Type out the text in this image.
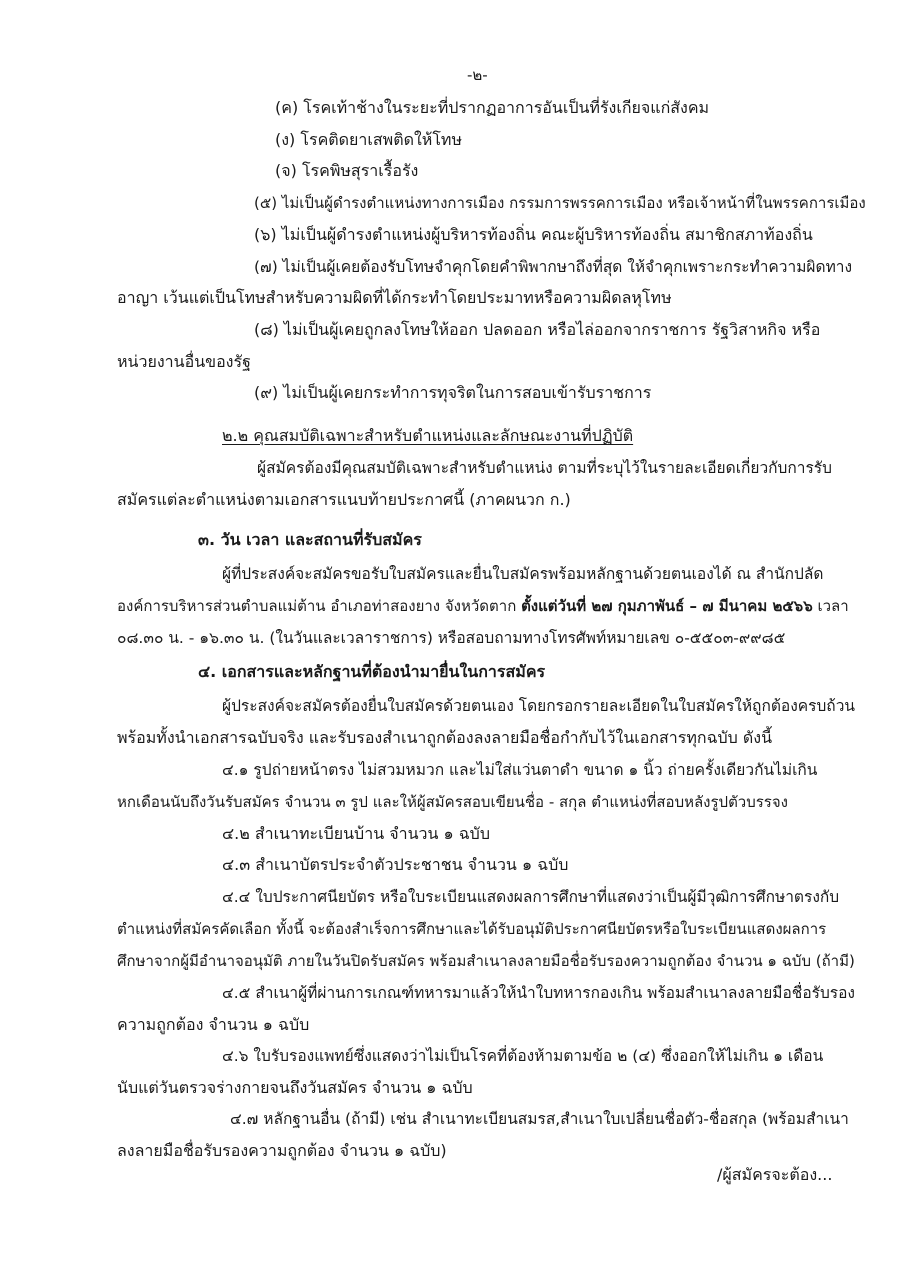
-๒-
(ค) โรคเท้าช้างในระยะที่ปรากฏอาการอันเป็นที่รังเกียจแก่สังคม
(ง) โรคติดยาเสพติดให้โทษ
(จ) โรคพิษสุราเรื้อรัง
(๕) ไม่เป็นผู้ดำรงตำแหน่งทางการเมือง กรรมการพรรคการเมือง หรือเจ้าหน้าที่ในพรรคการเมือง
(๖) ไม่เป็นผู้ดำรงตำแหน่งผู้บริหารท้องถิ่น คณะผู้บริหารท้องถิ่น สมาชิกสภาท้องถิ่น
(๗) ไม่เป็นผู้เคยต้องรับโทษจำคุกโดยคำพิพากษาถึงที่สุด ให้จำคุกเพราะกระทำความผิดทาง
อาญา เว้นแต่เป็นโทษสำหรับความผิดที่ได้กระทำโดยประมาทหรือความผิดลหุโทษ
(๘) ไม่เป็นผู้เคยถูกลงโทษให้ออก ปลดออก หรือไล่ออกจากราชการ รัฐวิสาหกิจ หรือ
หน่วยงานอื่นของรัฐ
(๙) ไม่เป็นผู้เคยกระทำการทุจริตในการสอบเข้ารับราชการ
๒.๒ คุณสมบัติเฉพาะสำหรับตำแหน่งและลักษณะงานที่ปฏิบัติ
ผู้สมัครต้องมีคุณสมบัติเฉพาะสำหรับตำแหน่ง ตามที่ระบุไว้ในรายละเอียดเกี่ยวกับการรับ
สมัครแต่ละตำแหน่งตามเอกสารแนบท้ายประกาศนี้ (ภาคผนวก ก.)
๓. วัน เวลา และสถานที่รับสมัคร
ผู้ที่ประสงค์จะสมัครขอรับใบสมัครและยื่นใบสมัครพร้อมหลักฐานด้วยตนเองได้ ณ สำนักปลัด
องค์การบริหารส่วนตำบลแม่ต้าน อำเภอท่าสองยาง จังหวัดตาก ตั้งแต่วันที่ ๒๗ กุมภาพันธ์ – ๗ มีนาคม ๒๕๖๖ เวลา
๐๘.๓๐ น. - ๑๖.๓๐ น. (ในวันและเวลาราชการ) หรือสอบถามทางโทรศัพท์หมายเลข ๐-๕๕๐๓-๙๙๘๕
๔. เอกสารและหลักฐานที่ต้องนำมายื่นในการสมัคร
ผู้ประสงค์จะสมัครต้องยื่นใบสมัครด้วยตนเอง โดยกรอกรายละเอียดในใบสมัครให้ถูกต้องครบถ้วน
พร้อมทั้งนำเอกสารฉบับจริง และรับรองสำเนาถูกต้องลงลายมือชื่อกำกับไว้ในเอกสารทุกฉบับ ดังนี้
๔.๑ รูปถ่ายหน้าตรง ไม่สวมหมวก และไม่ใส่แว่นตาดำ ขนาด ๑ นิ้ว ถ่ายครั้งเดียวกันไม่เกิน
หกเดือนนับถึงวันรับสมัคร จำนวน ๓ รูป และให้ผู้สมัครสอบเขียนชื่อ - สกุล ตำแหน่งที่สอบหลังรูปตัวบรรจง
๔.๒ สำเนาทะเบียนบ้าน จำนวน ๑ ฉบับ
๔.๓ สำเนาบัตรประจำตัวประชาชน จำนวน ๑ ฉบับ
๔.๔ ใบประกาศนียบัตร หรือใบระเบียนแสดงผลการศึกษาที่แสดงว่าเป็นผู้มีวุฒิการศึกษาตรงกับ
ตำแหน่งที่สมัครคัดเลือก ทั้งนี้ จะต้องสำเร็จการศึกษาและได้รับอนุมัติประกาศนียบัตรหรือใบระเบียนแสดงผลการ
ศึกษาจากผู้มีอำนาจอนุมัติ ภายในวันปิดรับสมัคร พร้อมสำเนาลงลายมือชื่อรับรองความถูกต้อง จำนวน ๑ ฉบับ (ถ้ามี)
๔.๕ สำเนาผู้ที่ผ่านการเกณฑ์ทหารมาแล้วให้นำใบทหารกองเกิน พร้อมสำเนาลงลายมือชื่อรับรอง
ความถูกต้อง จำนวน ๑ ฉบับ
๔.๖ ใบรับรองแพทย์ซึ่งแสดงว่าไม่เป็นโรคที่ต้องห้ามตามข้อ ๒ (๔) ซึ่งออกให้ไม่เกิน ๑ เดือน
นับแต่วันตรวจร่างกายจนถึงวันสมัคร จำนวน ๑ ฉบับ
๔.๗ หลักฐานอื่น (ถ้ามี) เช่น สำเนาทะเบียนสมรส,สำเนาใบเปลี่ยนชื่อตัว-ชื่อสกุล (พร้อมสำเนา
ลงลายมือชื่อรับรองความถูกต้อง จำนวน ๑ ฉบับ)
/ผู้สมัครจะต้อง...
